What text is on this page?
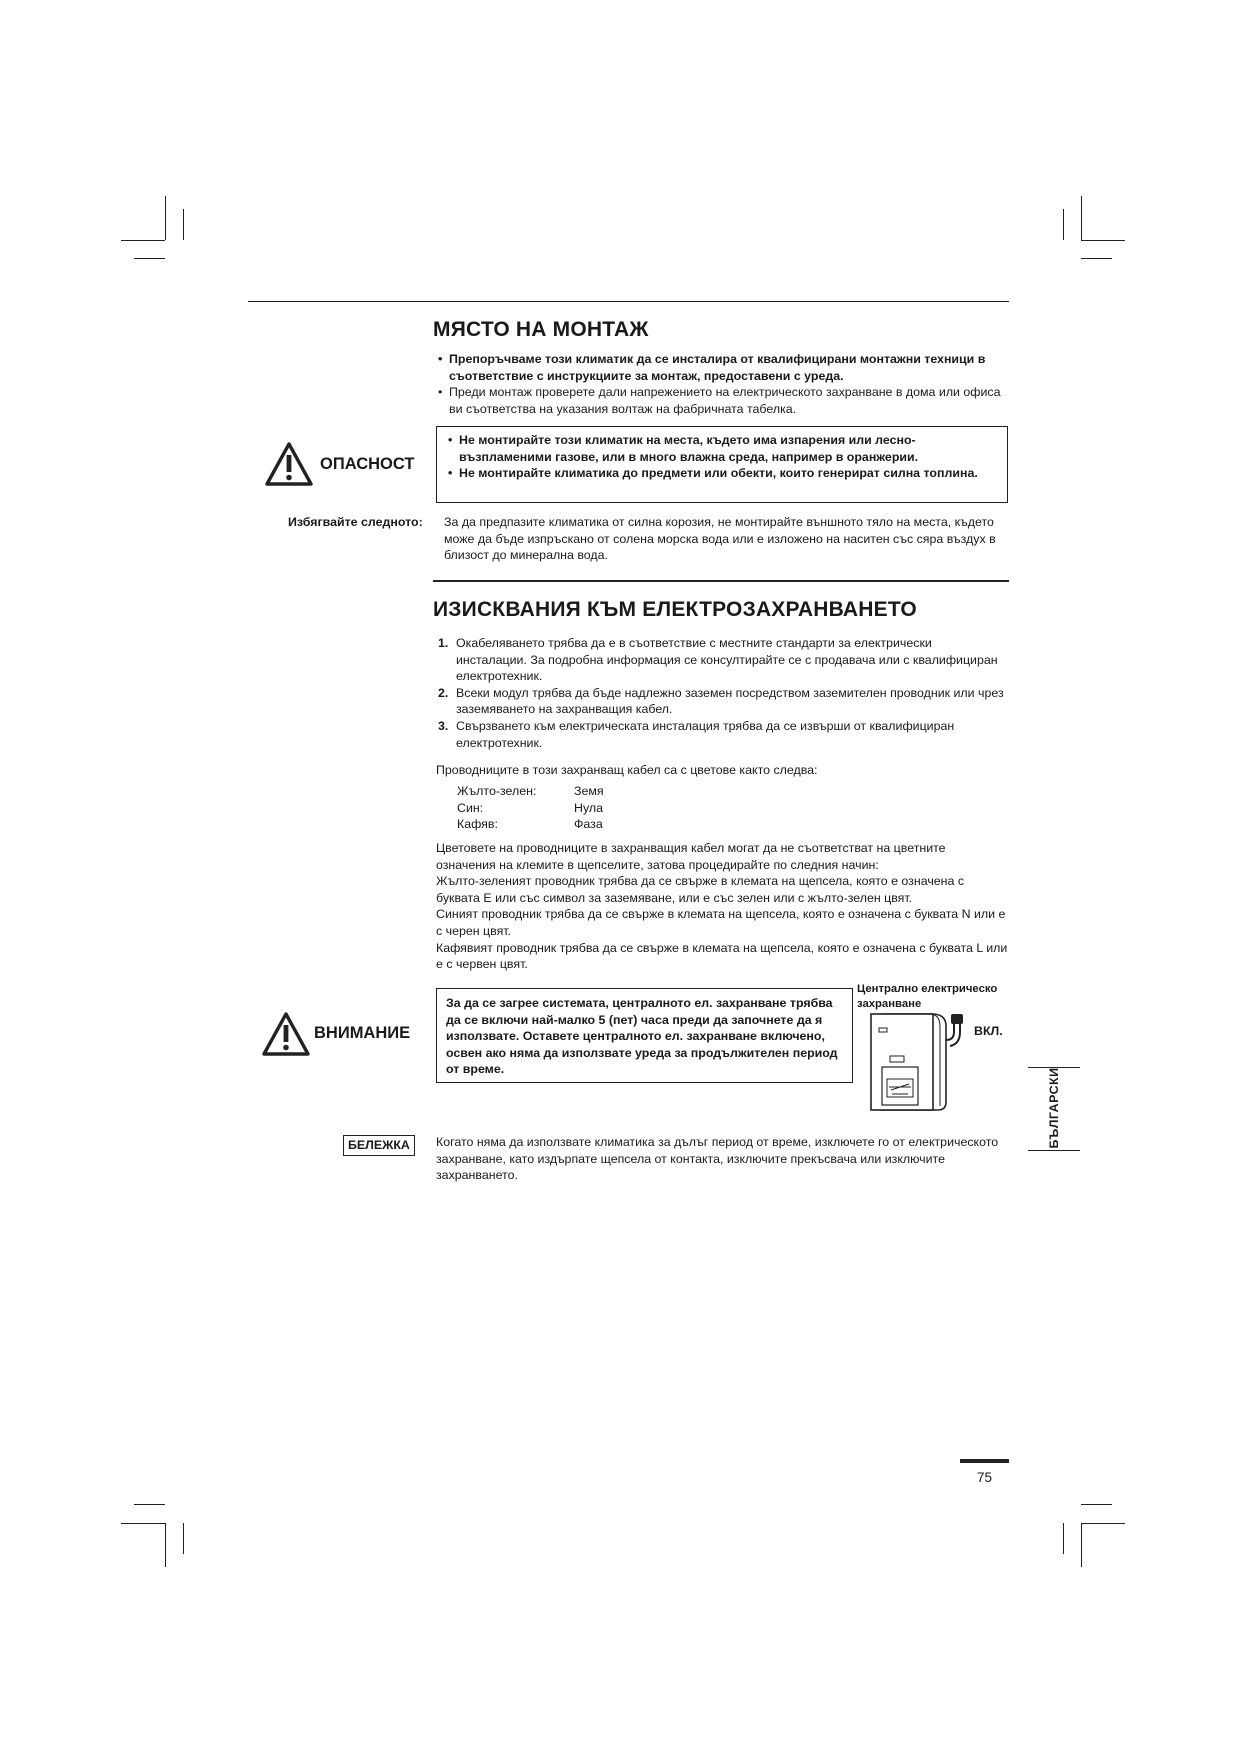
МЯСТО НА МОНТАЖ
• Препоръчваме този климатик да се инсталира от квалифицирани монтажни техници в съответствие с инструкциите за монтаж, предоставени с уреда.
• Преди монтаж проверете дали напрежението на електрическото захранване в дома или офиса ви съответства на указания волтаж на фабричната табелка.
ОПАСНОСТ
• Не монтирайте този климатик на места, където има изпарения или лесно-възпламеними газове, или в много влажна среда, например в оранжерии.
• Не монтирайте климатика до предмети или обекти, които генерират силна топлина.
Избягвайте следното: За да предпазите климатика от силна корозия, не монтирайте външното тяло на места, където може да бъде изпръскано от солена морска вода или е изложено на наситен със сяра въздух в близост до минерална вода.
ИЗИСКВАНИЯ КЪМ ЕЛЕКТРОЗАХРАНВАНЕТО
1. Окабеляването трябва да е в съответствие с местните стандарти за електрически инсталации. За подробна информация се консултирайте се с продавача или с квалифициран електротехник.
2. Всеки модул трябва да бъде надлежно заземен посредством заземителен проводник или чрез заземяването на захранващия кабел.
3. Свързването към електрическата инсталация трябва да се извърши от квалифициран електротехник.
Проводниците в този захранващ кабел са с цветове както следва:
Жълто-зелен:	Земя
Син:	Нула
Кафяв:	Фаза
Цветовете на проводниците в захранващия кабел могат да не съответстват на цветните означения на клемите в щепселите, затова процедирайте по следния начин:
Жълто-зеленият проводник трябва да се свърже в клемата на щепсела, която е означена с буквата E или със символ за заземяване, или е със зелен или с жълто-зелен цвят.
Синият проводник трябва да се свърже в клемата на щепсела, която е означена с буквата N или е с черен цвят.
Кафявият проводник трябва да се свърже в клемата на щепсела, която е означена с буквата L или е с червен цвят.
ВНИМАНИЕ
За да се загрее системата, централното ел. захранване трябва да се включи най-малко 5 (пет) часа преди да започнете да я използвате. Оставете централното ел. захранване включено, освен ако няма да използвате уреда за продължителен период от време.
Централно електрическо захранване
ВКЛ.
БЪЛГАРСКИ
БЕЛЕЖКА	Когато няма да използвате климатика за дълъг период от време, изключете го от електрическото захранване, като издърпате щепсела от контакта, изключите прекъсвача или изключите захранването.
75
